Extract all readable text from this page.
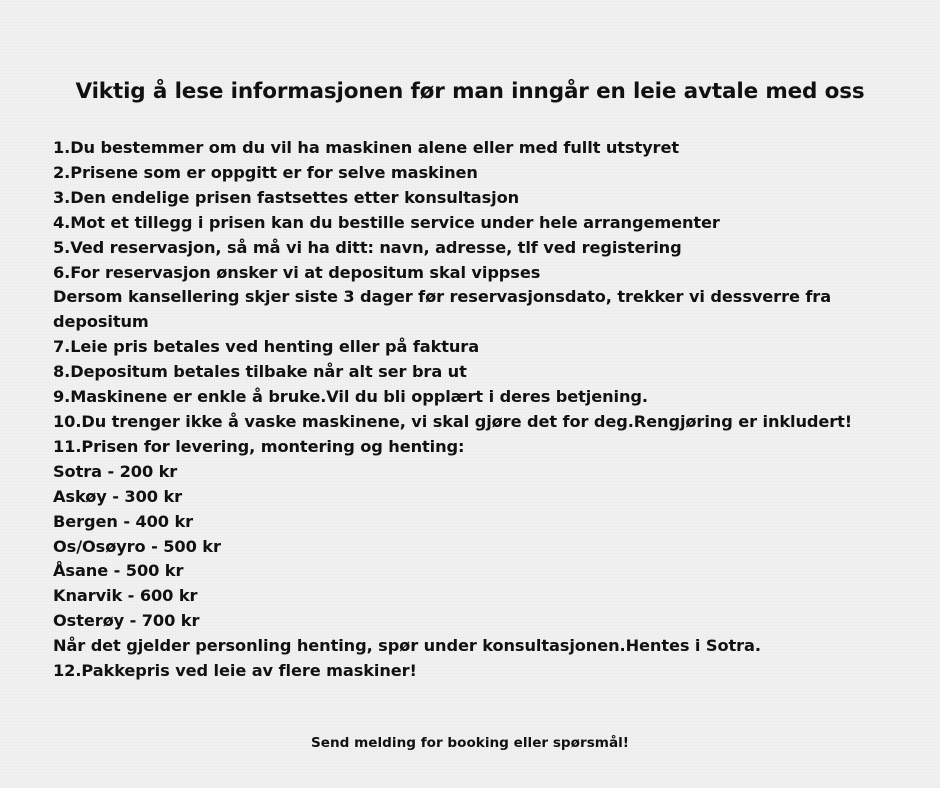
Viktig å lese informasjonen før man inngår en leie avtale med oss
1.Du bestemmer om du vil ha maskinen alene eller med fullt utstyret
2.Prisene som er oppgitt er for selve maskinen
3.Den endelige prisen fastsettes etter konsultasjon
4.Mot et tillegg i prisen kan du bestille service under hele arrangementer
5.Ved reservasjon, så må vi ha ditt: navn, adresse, tlf ved registering
6.For reservasjon ønsker vi at depositum skal vippses
Dersom kansellering skjer siste 3 dager før reservasjonsdato, trekker vi dessverre fra depositum
7.Leie pris betales ved henting eller på faktura
8.Depositum betales tilbake når alt ser bra ut
9.Maskinene er enkle å bruke.Vil du bli opplært i deres betjening.
10.Du trenger ikke å vaske maskinene, vi skal gjøre det for deg.Rengjøring er inkludert!
11.Prisen for levering, montering og henting:
Sotra - 200 kr
Askøy - 300 kr
Bergen - 400 kr
Os/Osøyro - 500 kr
Åsane - 500 kr
Knarvik - 600 kr
Osterøy - 700 kr
Når det gjelder personling henting, spør under konsultasjonen.Hentes i Sotra.
12.Pakkepris ved leie av flere maskiner!

Send melding for booking eller spørsmål!
